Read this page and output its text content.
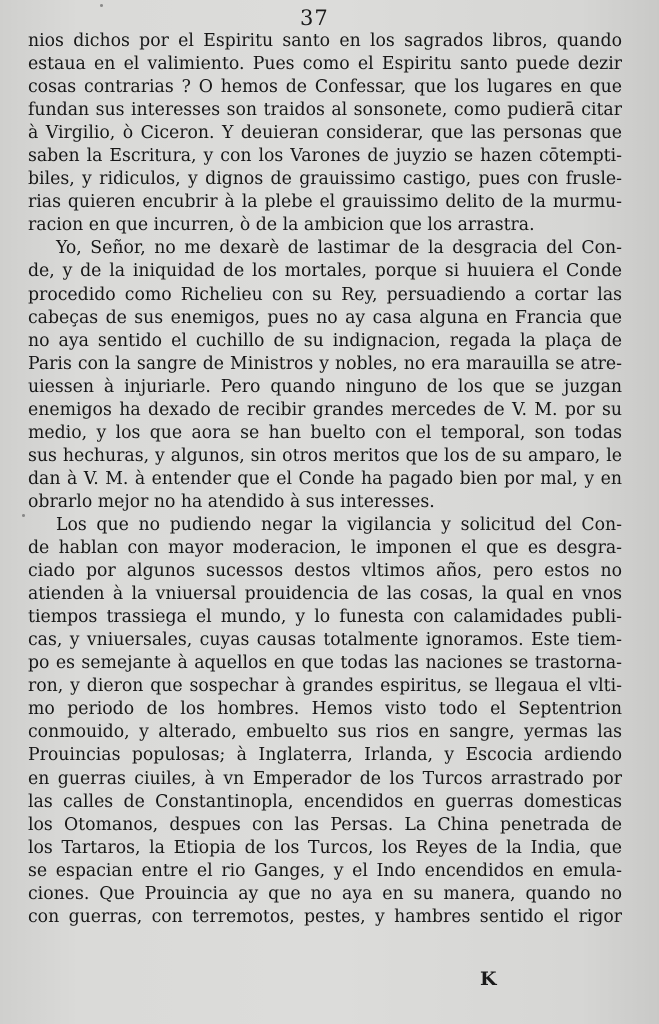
37
nios dichos por el Espiritu santo en los sagrados libros, quando
estaua en el valimiento. Pues como el Espiritu santo puede dezir
cosas contrarias ? O hemos de Confessar, que los lugares en que
fundan sus interesses son traidos al sonsonete, como pudierā citar
à Virgilio, ò Ciceron. Y deuieran considerar, que las personas que
saben la Escritura, y con los Varones de juyzio se hazen cōtempti-
biles, y ridiculos, y dignos de grauissimo castigo, pues con frusle-
rias quieren encubrir à la plebe el grauissimo delito de la murmu-
racion en que incurren, ò de la ambicion que los arrastra.
Yo, Señor, no me dexarè de lastimar de la desgracia del Con-
de, y de la iniquidad de los mortales, porque si huuiera el Conde
procedido como Richelieu con su Rey, persuadiendo a cortar las
cabeças de sus enemigos, pues no ay casa alguna en Francia que
no aya sentido el cuchillo de su indignacion, regada la plaça de
Paris con la sangre de Ministros y nobles, no era marauilla se atre-
uiessen à injuriarle. Pero quando ninguno de los que se juzgan
enemigos ha dexado de recibir grandes mercedes de V. M. por su
medio, y los que aora se han buelto con el temporal, son todas
sus hechuras, y algunos, sin otros meritos que los de su amparo, le
dan à V. M. à entender que el Conde ha pagado bien por mal, y en
obrarlo mejor no ha atendido à sus interesses.
Los que no pudiendo negar la vigilancia y solicitud del Con-
de hablan con mayor moderacion, le imponen el que es desgra-
ciado por algunos sucessos destos vltimos años, pero estos no
atienden à la vniuersal prouidencia de las cosas, la qual en vnos
tiempos trassiega el mundo, y lo funesta con calamidades publi-
cas, y vniuersales, cuyas causas totalmente ignoramos. Este tiem-
po es semejante à aquellos en que todas las naciones se trastorna-
ron, y dieron que sospechar à grandes espiritus, se llegaua el vlti-
mo periodo de los hombres. Hemos visto todo el Septentrion
conmouido, y alterado, embuelto sus rios en sangre, yermas las
Prouincias populosas; à Inglaterra, Irlanda, y Escocia ardiendo
en guerras ciuiles, à vn Emperador de los Turcos arrastrado por
las calles de Constantinopla, encendidos en guerras domesticas
los Otomanos, despues con las Persas. La China penetrada de
los Tartaros, la Etiopia de los Turcos, los Reyes de la India, que
se espacian entre el rio Ganges, y el Indo encendidos en emula-
ciones. Que Prouincia ay que no aya en su manera, quando no
con guerras, con terremotos, pestes, y hambres sentido el rigor
K
